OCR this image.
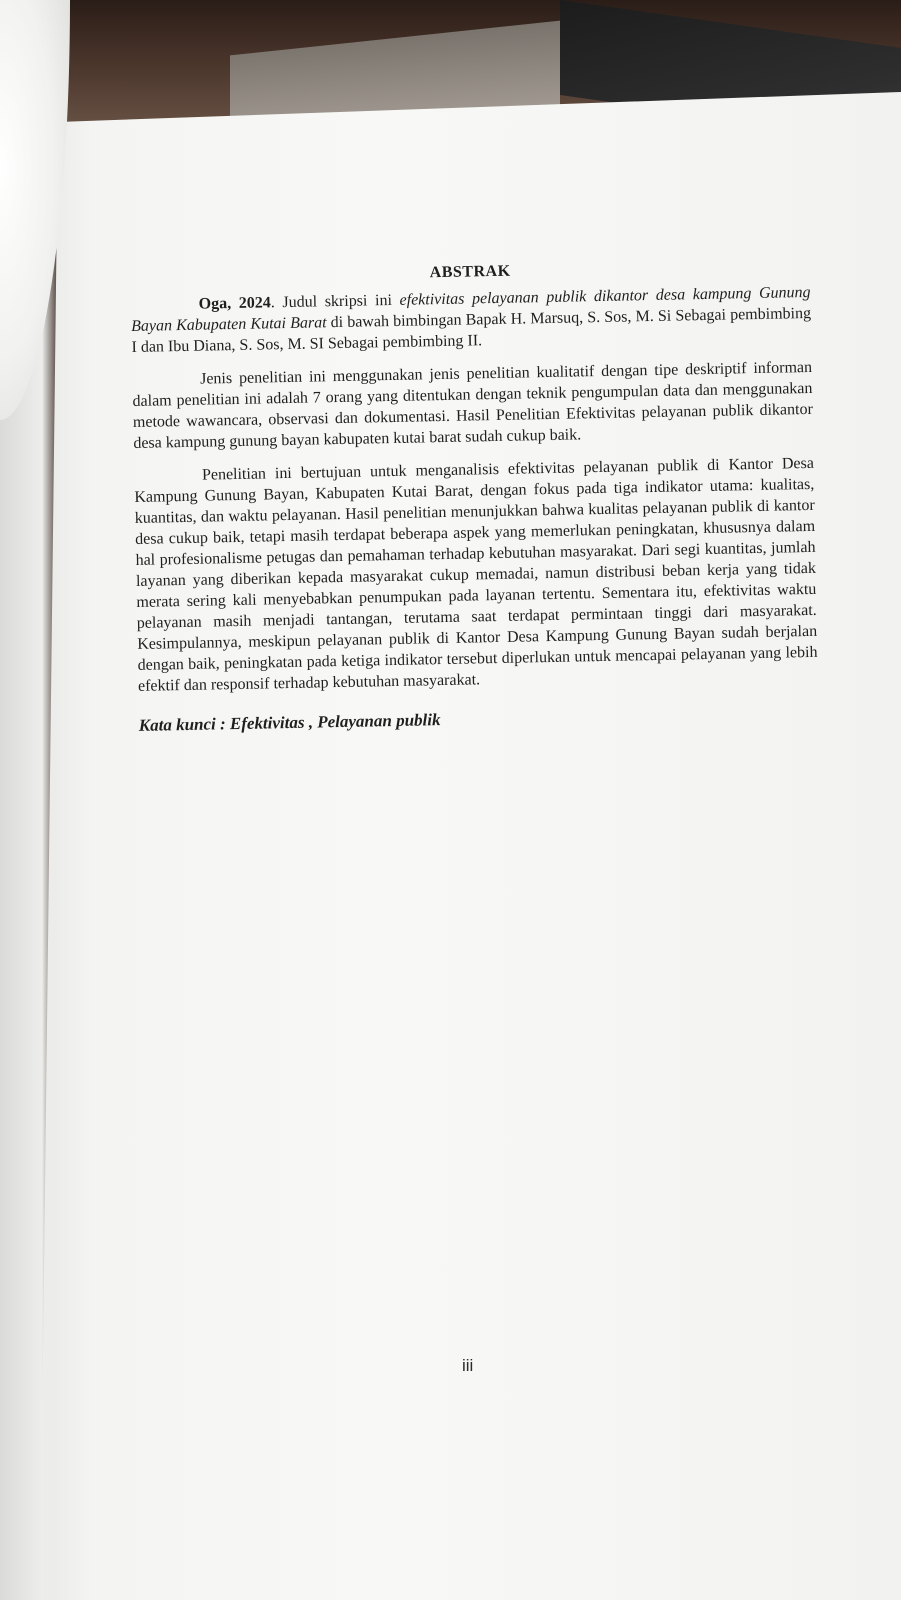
ABSTRAK

Oga, 2024. Judul skripsi ini efektivitas pelayanan publik dikantor desa kampung Gunung Bayan Kabupaten Kutai Barat di bawah bimbingan Bapak H. Marsuq, S. Sos, M. Si Sebagai pembimbing I dan Ibu Diana, S. Sos, M. SI Sebagai pembimbing II.

Jenis penelitian ini menggunakan jenis penelitian kualitatif dengan tipe deskriptif informan dalam penelitian ini adalah 7 orang yang ditentukan dengan teknik pengumpulan data dan menggunakan metode wawancara, observasi dan dokumentasi. Hasil Penelitian Efektivitas pelayanan publik dikantor desa kampung gunung bayan kabupaten kutai barat sudah cukup baik.

Penelitian ini bertujuan untuk menganalisis efektivitas pelayanan publik di Kantor Desa Kampung Gunung Bayan, Kabupaten Kutai Barat, dengan fokus pada tiga indikator utama: kualitas, kuantitas, dan waktu pelayanan. Hasil penelitian menunjukkan bahwa kualitas pelayanan publik di kantor desa cukup baik, tetapi masih terdapat beberapa aspek yang memerlukan peningkatan, khususnya dalam hal profesionalisme petugas dan pemahaman terhadap kebutuhan masyarakat. Dari segi kuantitas, jumlah layanan yang diberikan kepada masyarakat cukup memadai, namun distribusi beban kerja yang tidak merata sering kali menyebabkan penumpukan pada layanan tertentu. Sementara itu, efektivitas waktu pelayanan masih menjadi tantangan, terutama saat terdapat permintaan tinggi dari masyarakat. Kesimpulannya, meskipun pelayanan publik di Kantor Desa Kampung Gunung Bayan sudah berjalan dengan baik, peningkatan pada ketiga indikator tersebut diperlukan untuk mencapai pelayanan yang lebih efektif dan responsif terhadap kebutuhan masyarakat.

Kata kunci : Efektivitas , Pelayanan publik
iii
